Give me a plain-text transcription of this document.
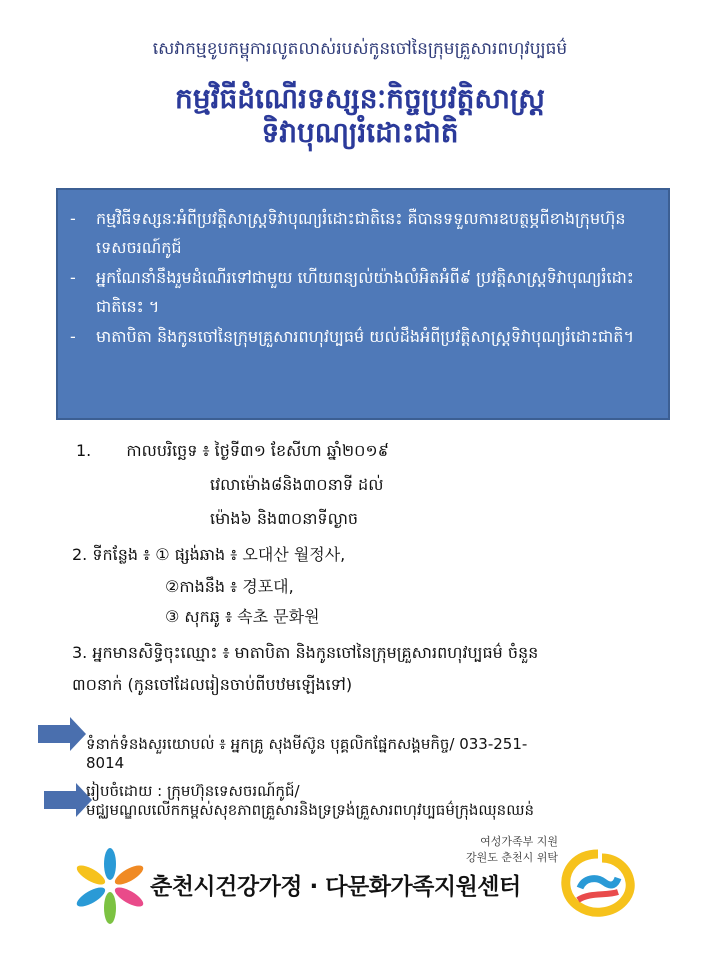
សេវាកម្មខូបកម្ពុការលូតលាស់របស់កូនចៅនៃក្រុមគ្រួសារពហុវប្បធម៌
កម្មវិធីដំណើរទស្សនៈកិច្ចប្រវត្តិសាស្ត្រ
ទិវាបុណ្យរំដោះជាតិ
- កម្មវិធីទស្សនៈអំពីប្រវត្តិសាស្ត្រទិវាបុណ្យរំដោះជាតិនេះ គឺបានទទួលការឧបត្ថម្ភពីខាងក្រុមហ៊ុនទេសចរណ៍កូជ៍
- អ្នកណែនាំនឹងរួមដំណើរទៅជាមួយ ហើយពន្យល់យ៉ាងលំអិតអំពី៩ ប្រវត្តិសាស្ត្រទិវាបុណ្យរំដោះជាតិនេះ ។
- មាតាបិតា និងកូនចៅនៃក្រុមគ្រួសារពហុវប្បធម៌ យល់ដឹងអំពីប្រវត្តិសាស្ត្រទិវាបុណ្យរំដោះជាតិ។
1. កាលបរិច្ឆេទ ៖ ថ្ងៃទី៣១ ខែសីហា ឆ្នាំ២០១៩
វេលាម៉ោង៨និង៣០នាទី ដល់
ម៉ោង៦ និង៣០នាទីល្ងាច
2. ទីកន្លែង ៖ ① ផ្សង់ឆាង ៖ 오대산 월정사,
②កាងនឹង ៖ 경포대,
③ សុកឆូ ៖ 속초 문화원
3. អ្នកមានសិទ្ធិចុះឈ្មោះ ៖ មាតាបិតា និងកូនចៅនៃក្រុមគ្រួសារពហុវប្បធម៌ ចំនួន
៣០នាក់ (កូនចៅដែលរៀនចាប់ពីបឋមឡើងទៅ)
ទំនាក់ទំនងសួរយោបល់ ៖ អ្នកគ្រូ សុងមីស៊ូន បុគ្គលិកផ្នែកសង្គមកិច្ច/ 033-251-
8014
រៀបចំដោយ : ក្រុមហ៊ុនទេសចរណ៍កូជ៍/
មជ្ឈមណ្ឌលលើកកម្ពស់សុខភាពគ្រួសារនិងទ្រទ្រង់គ្រួសារពហុវប្បធម៌ក្រុងឈុនឈន់
춘천시건강가정 · 다문화가족지원센터
여성가족부 지원
강원도 춘천시 위탁
